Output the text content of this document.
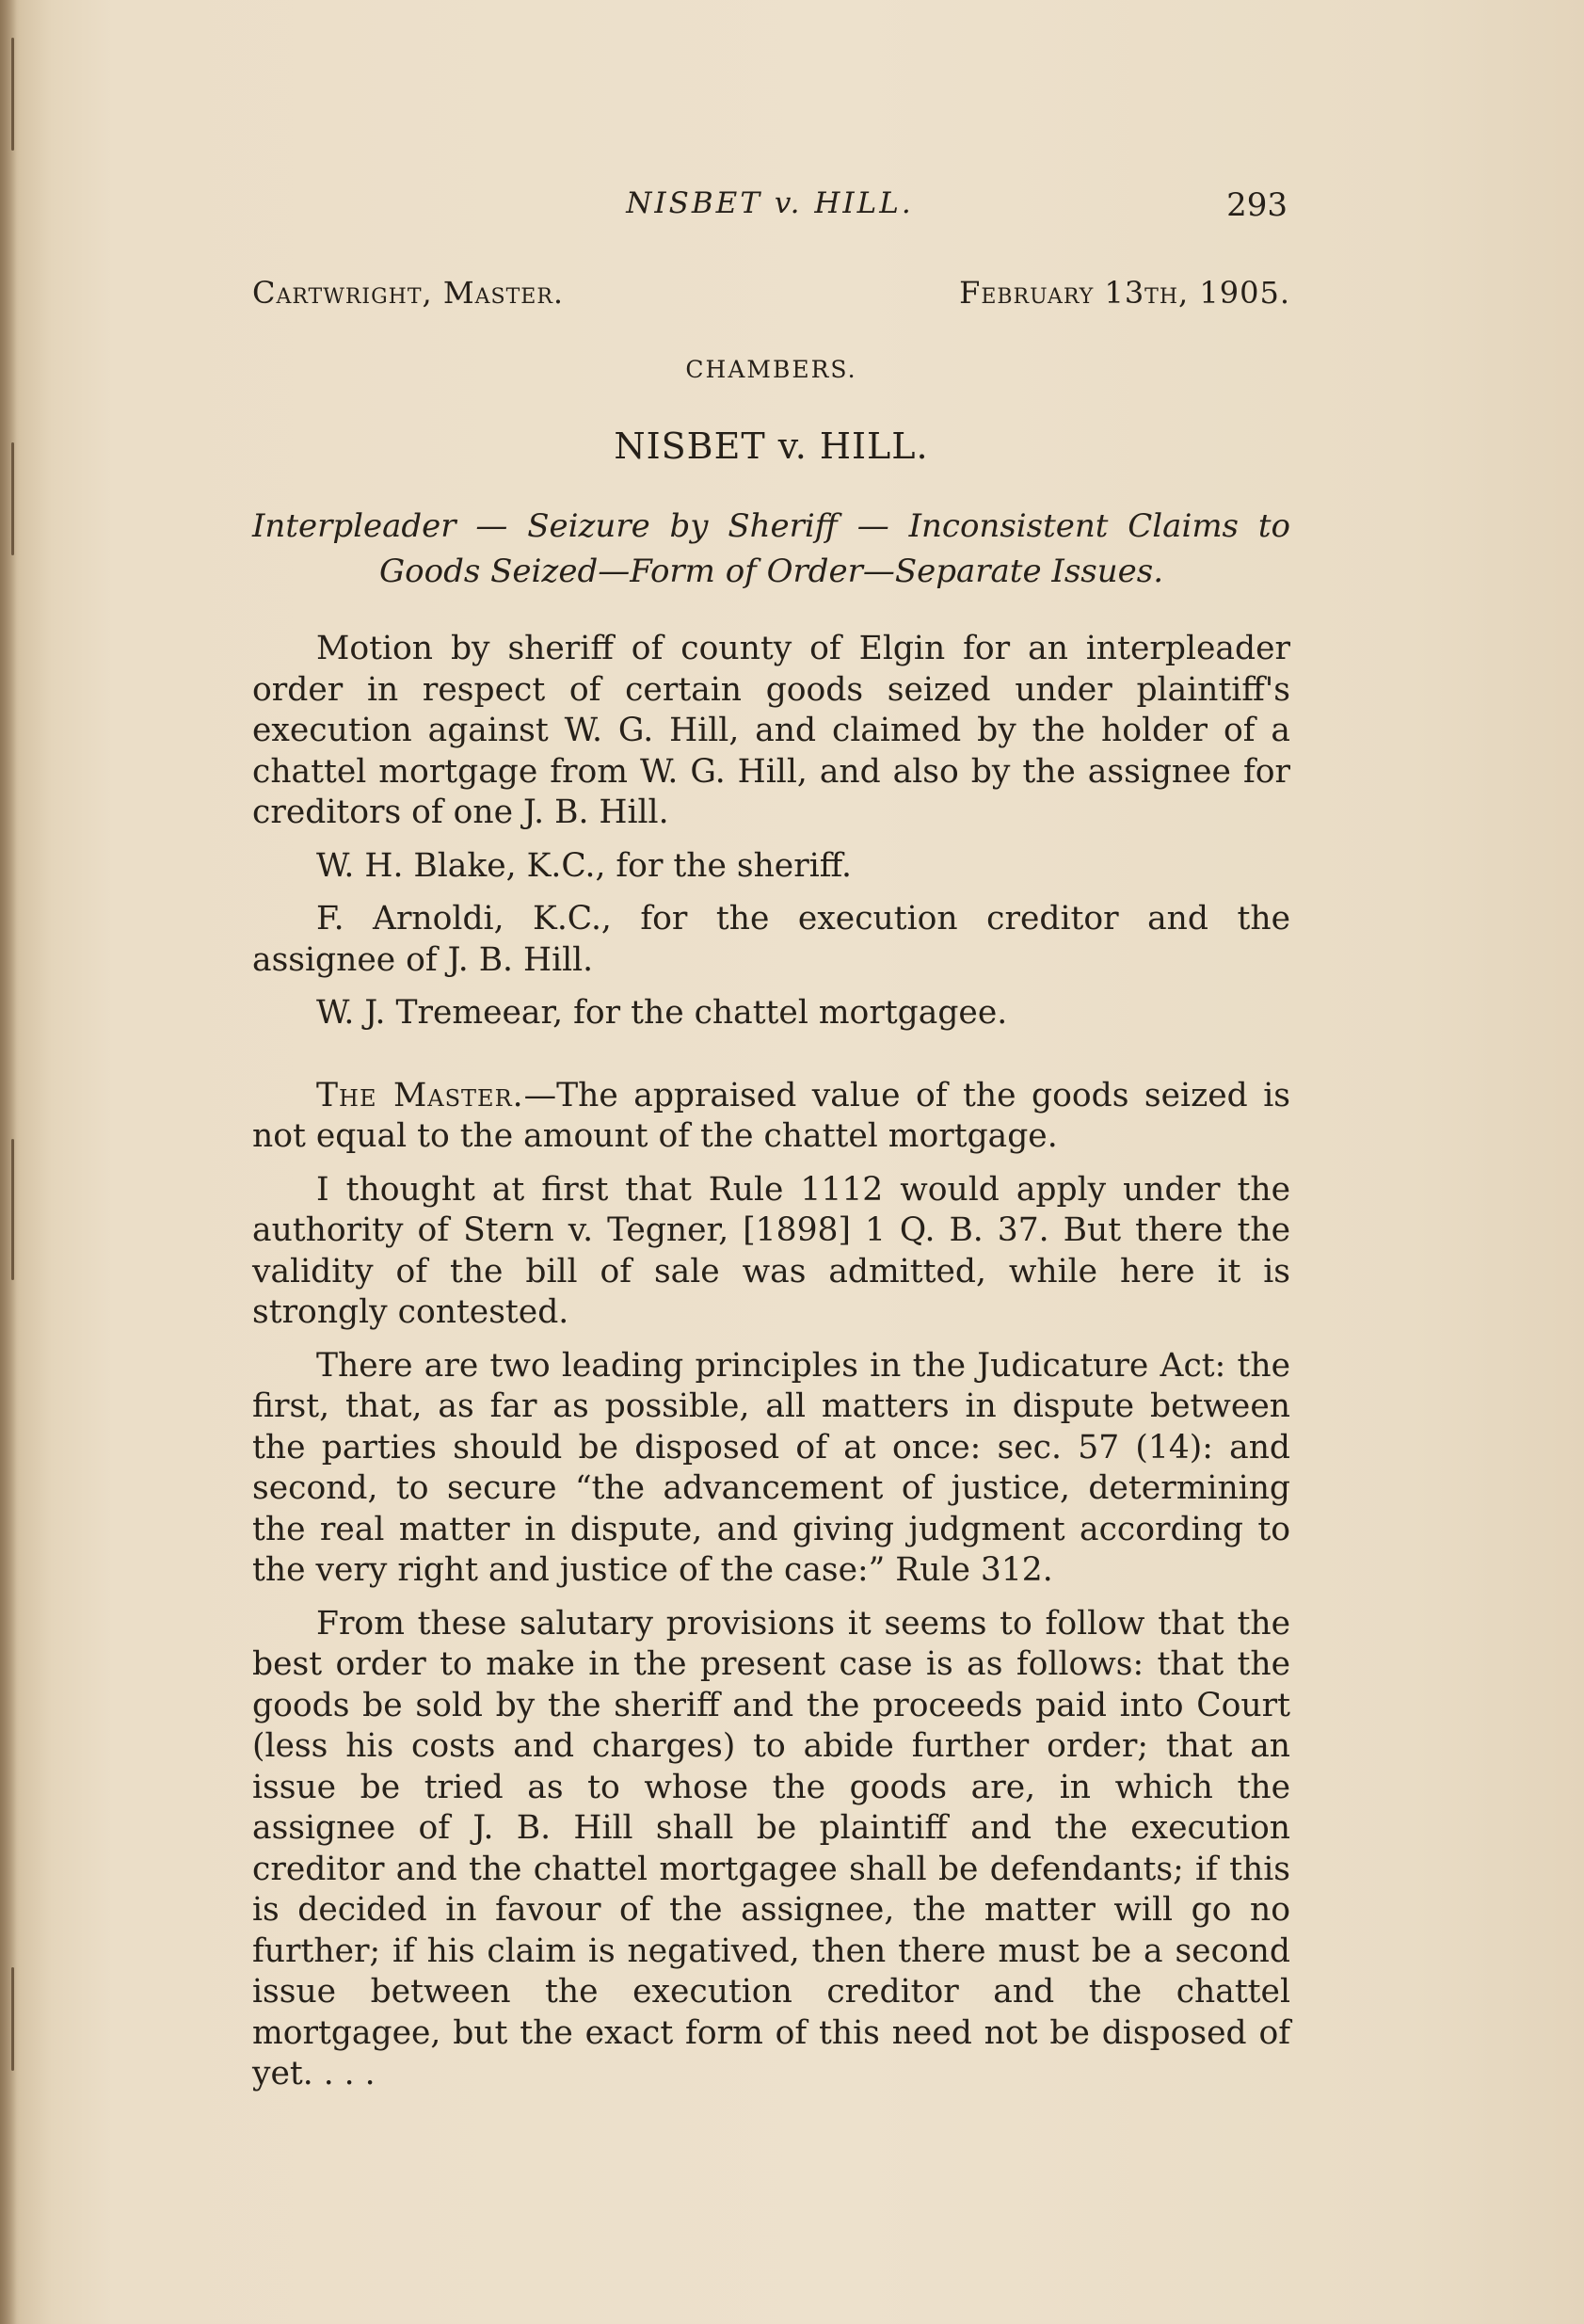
NISBET v. HILL.	293
Cartwright, Master.	February 13th, 1905.
CHAMBERS.
NISBET v. HILL.
Interpleader — Seizure by Sheriff — Inconsistent Claims to Goods Seized—Form of Order—Separate Issues.

Motion by sheriff of county of Elgin for an interpleader order in respect of certain goods seized under plaintiff's execution against W. G. Hill, and claimed by the holder of a chattel mortgage from W. G. Hill, and also by the assignee for creditors of one J. B. Hill.

W. H. Blake, K.C., for the sheriff.

F. Arnoldi, K.C., for the execution creditor and the assignee of J. B. Hill.

W. J. Tremeear, for the chattel mortgagee.

The Master.—The appraised value of the goods seized is not equal to the amount of the chattel mortgage.

I thought at first that Rule 1112 would apply under the authority of Stern v. Tegner, [1898] 1 Q. B. 37. But there the validity of the bill of sale was admitted, while here it is strongly contested.

There are two leading principles in the Judicature Act: the first, that, as far as possible, all matters in dispute between the parties should be disposed of at once: sec. 57 (14): and second, to secure “the advancement of justice, determining the real matter in dispute, and giving judgment according to the very right and justice of the case:” Rule 312.

From these salutary provisions it seems to follow that the best order to make in the present case is as follows: that the goods be sold by the sheriff and the proceeds paid into Court (less his costs and charges) to abide further order; that an issue be tried as to whose the goods are, in which the assignee of J. B. Hill shall be plaintiff and the execution creditor and the chattel mortgagee shall be defendants; if this is decided in favour of the assignee, the matter will go no further; if his claim is negatived, then there must be a second issue between the execution creditor and the chattel mortgagee, but the exact form of this need not be disposed of yet. . . .
